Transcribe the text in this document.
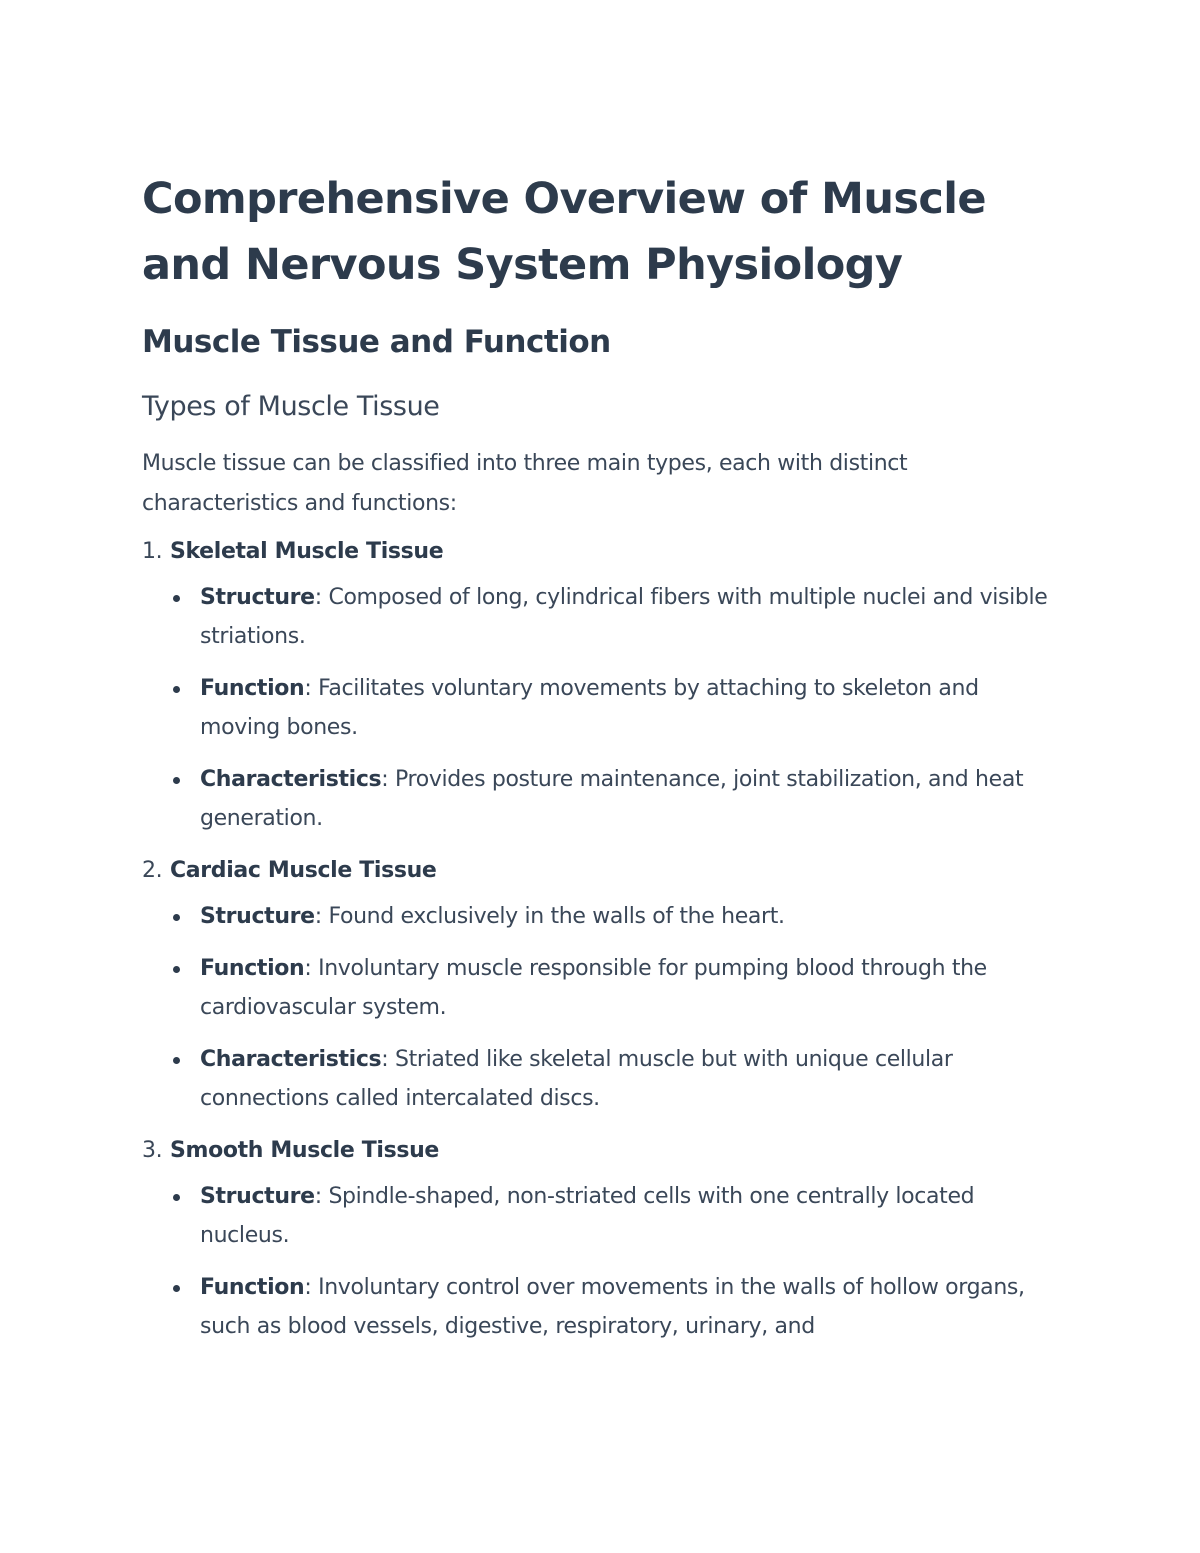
Comprehensive Overview of Muscle and Nervous System Physiology
Muscle Tissue and Function
Types of Muscle Tissue

Muscle tissue can be classified into three main types, each with distinct characteristics and functions:

1. Skeletal Muscle Tissue
Structure: Composed of long, cylindrical fibers with multiple nuclei and visible striations.
Function: Facilitates voluntary movements by attaching to skeleton and moving bones.
Characteristics: Provides posture maintenance, joint stabilization, and heat generation.
2. Cardiac Muscle Tissue
Structure: Found exclusively in the walls of the heart.
Function: Involuntary muscle responsible for pumping blood through the cardiovascular system.
Characteristics: Striated like skeletal muscle but with unique cellular connections called intercalated discs.
3. Smooth Muscle Tissue
Structure: Spindle-shaped, non-striated cells with one centrally located nucleus.
Function: Involuntary control over movements in the walls of hollow organs, such as blood vessels, digestive, respiratory, urinary, and
